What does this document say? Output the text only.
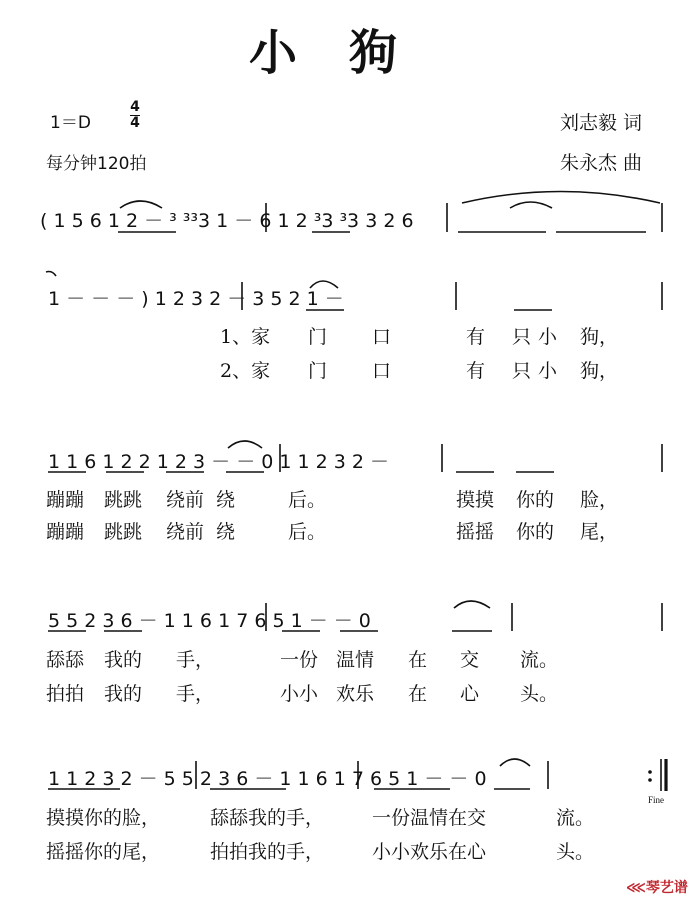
小狗
1＝D
4
4
每分钟120拍
刘志毅 词
朱永杰 曲
( 1 5 6 1 2 － ³ ³³3 1 － 6 1 2 ³3 ³3 3 2 6
1 － － － ) 1 2 3 2 － 3 5 2 1 －
1 1 6 1 2 2 1 2 3 － － 0 1 1 2 3 2 －
5 5 2 3 6 － 1 1 6 1 7 6 5 1 － － 0
1 1 2 3 2 － 5 5 2 3 6 － 1 1 6 1 7 6 5 1 － － 0
1、家 门 口	有 只 小 狗，
2、家 门 口	有 只 小 狗，
蹦蹦 跳跳 绕前 绕	后。	摸摸 你的 脸，
蹦蹦 跳跳 绕前 绕	后。	摇摇 你的 尾，
舔舔 我的 手，	一份 温情 在 交 流。
拍拍 我的 手，	小小 欢乐 在 心 头。
摸摸你的脸，	舔舔我的手，	一份温情在交	流。
摇摇你的尾，	拍拍我的手，	小小欢乐在心	头。
Fine
⋘琴艺谱
